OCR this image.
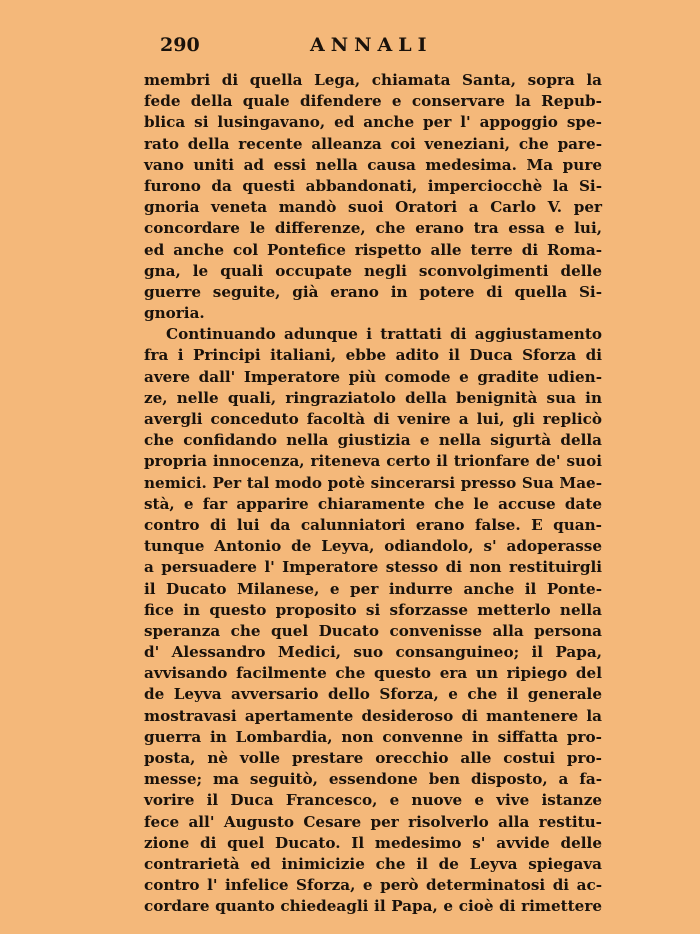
290	ANNALI
membri di quella Lega, chiamata Santa, sopra la
fede della quale difendere e conservare la Repub-
blica si lusingavano, ed anche per l' appoggio spe-
rato della recente alleanza coi veneziani, che pare-
vano uniti ad essi nella causa medesima. Ma pure
furono da questi abbandonati, imperciocchè la Si-
gnoria veneta mandò suoi Oratori a Carlo V. per
concordare le differenze, che erano tra essa e lui,
ed anche col Pontefice rispetto alle terre di Roma-
gna, le quali occupate negli sconvolgimenti delle
guerre seguite, già erano in potere di quella Si-
gnoria.
Continuando adunque i trattati di aggiustamento
fra i Principi italiani, ebbe adito il Duca Sforza di
avere dall' Imperatore più comode e gradite udien-
ze, nelle quali, ringraziatolo della benignità sua in
avergli conceduto facoltà di venire a lui, gli replicò
che confidando nella giustizia e nella sigurtà della
propria innocenza, riteneva certo il trionfare de' suoi
nemici. Per tal modo potè sincerarsi presso Sua Mae-
stà, e far apparire chiaramente che le accuse date
contro di lui da calunniatori erano false. E quan-
tunque Antonio de Leyva, odiandolo, s' adoperasse
a persuadere l' Imperatore stesso di non restituirgli
il Ducato Milanese, e per indurre anche il Ponte-
fice in questo proposito si sforzasse metterlo nella
speranza che quel Ducato convenisse alla persona
d' Alessandro Medici, suo consanguineo; il Papa,
avvisando facilmente che questo era un ripiego del
de Leyva avversario dello Sforza, e che il generale
mostravasi apertamente desideroso di mantenere la
guerra in Lombardia, non convenne in siffatta pro-
posta, nè volle prestare orecchio alle costui pro-
messe; ma seguitò, essendone ben disposto, a fa-
vorire il Duca Francesco, e nuove e vive istanze
fece all' Augusto Cesare per risolverlo alla restitu-
zione di quel Ducato. Il medesimo s' avvide delle
contrarietà ed inimicizie che il de Leyva spiegava
contro l' infelice Sforza, e però determinatosi di ac-
cordare quanto chiedeagli il Papa, e cioè di rimettere
